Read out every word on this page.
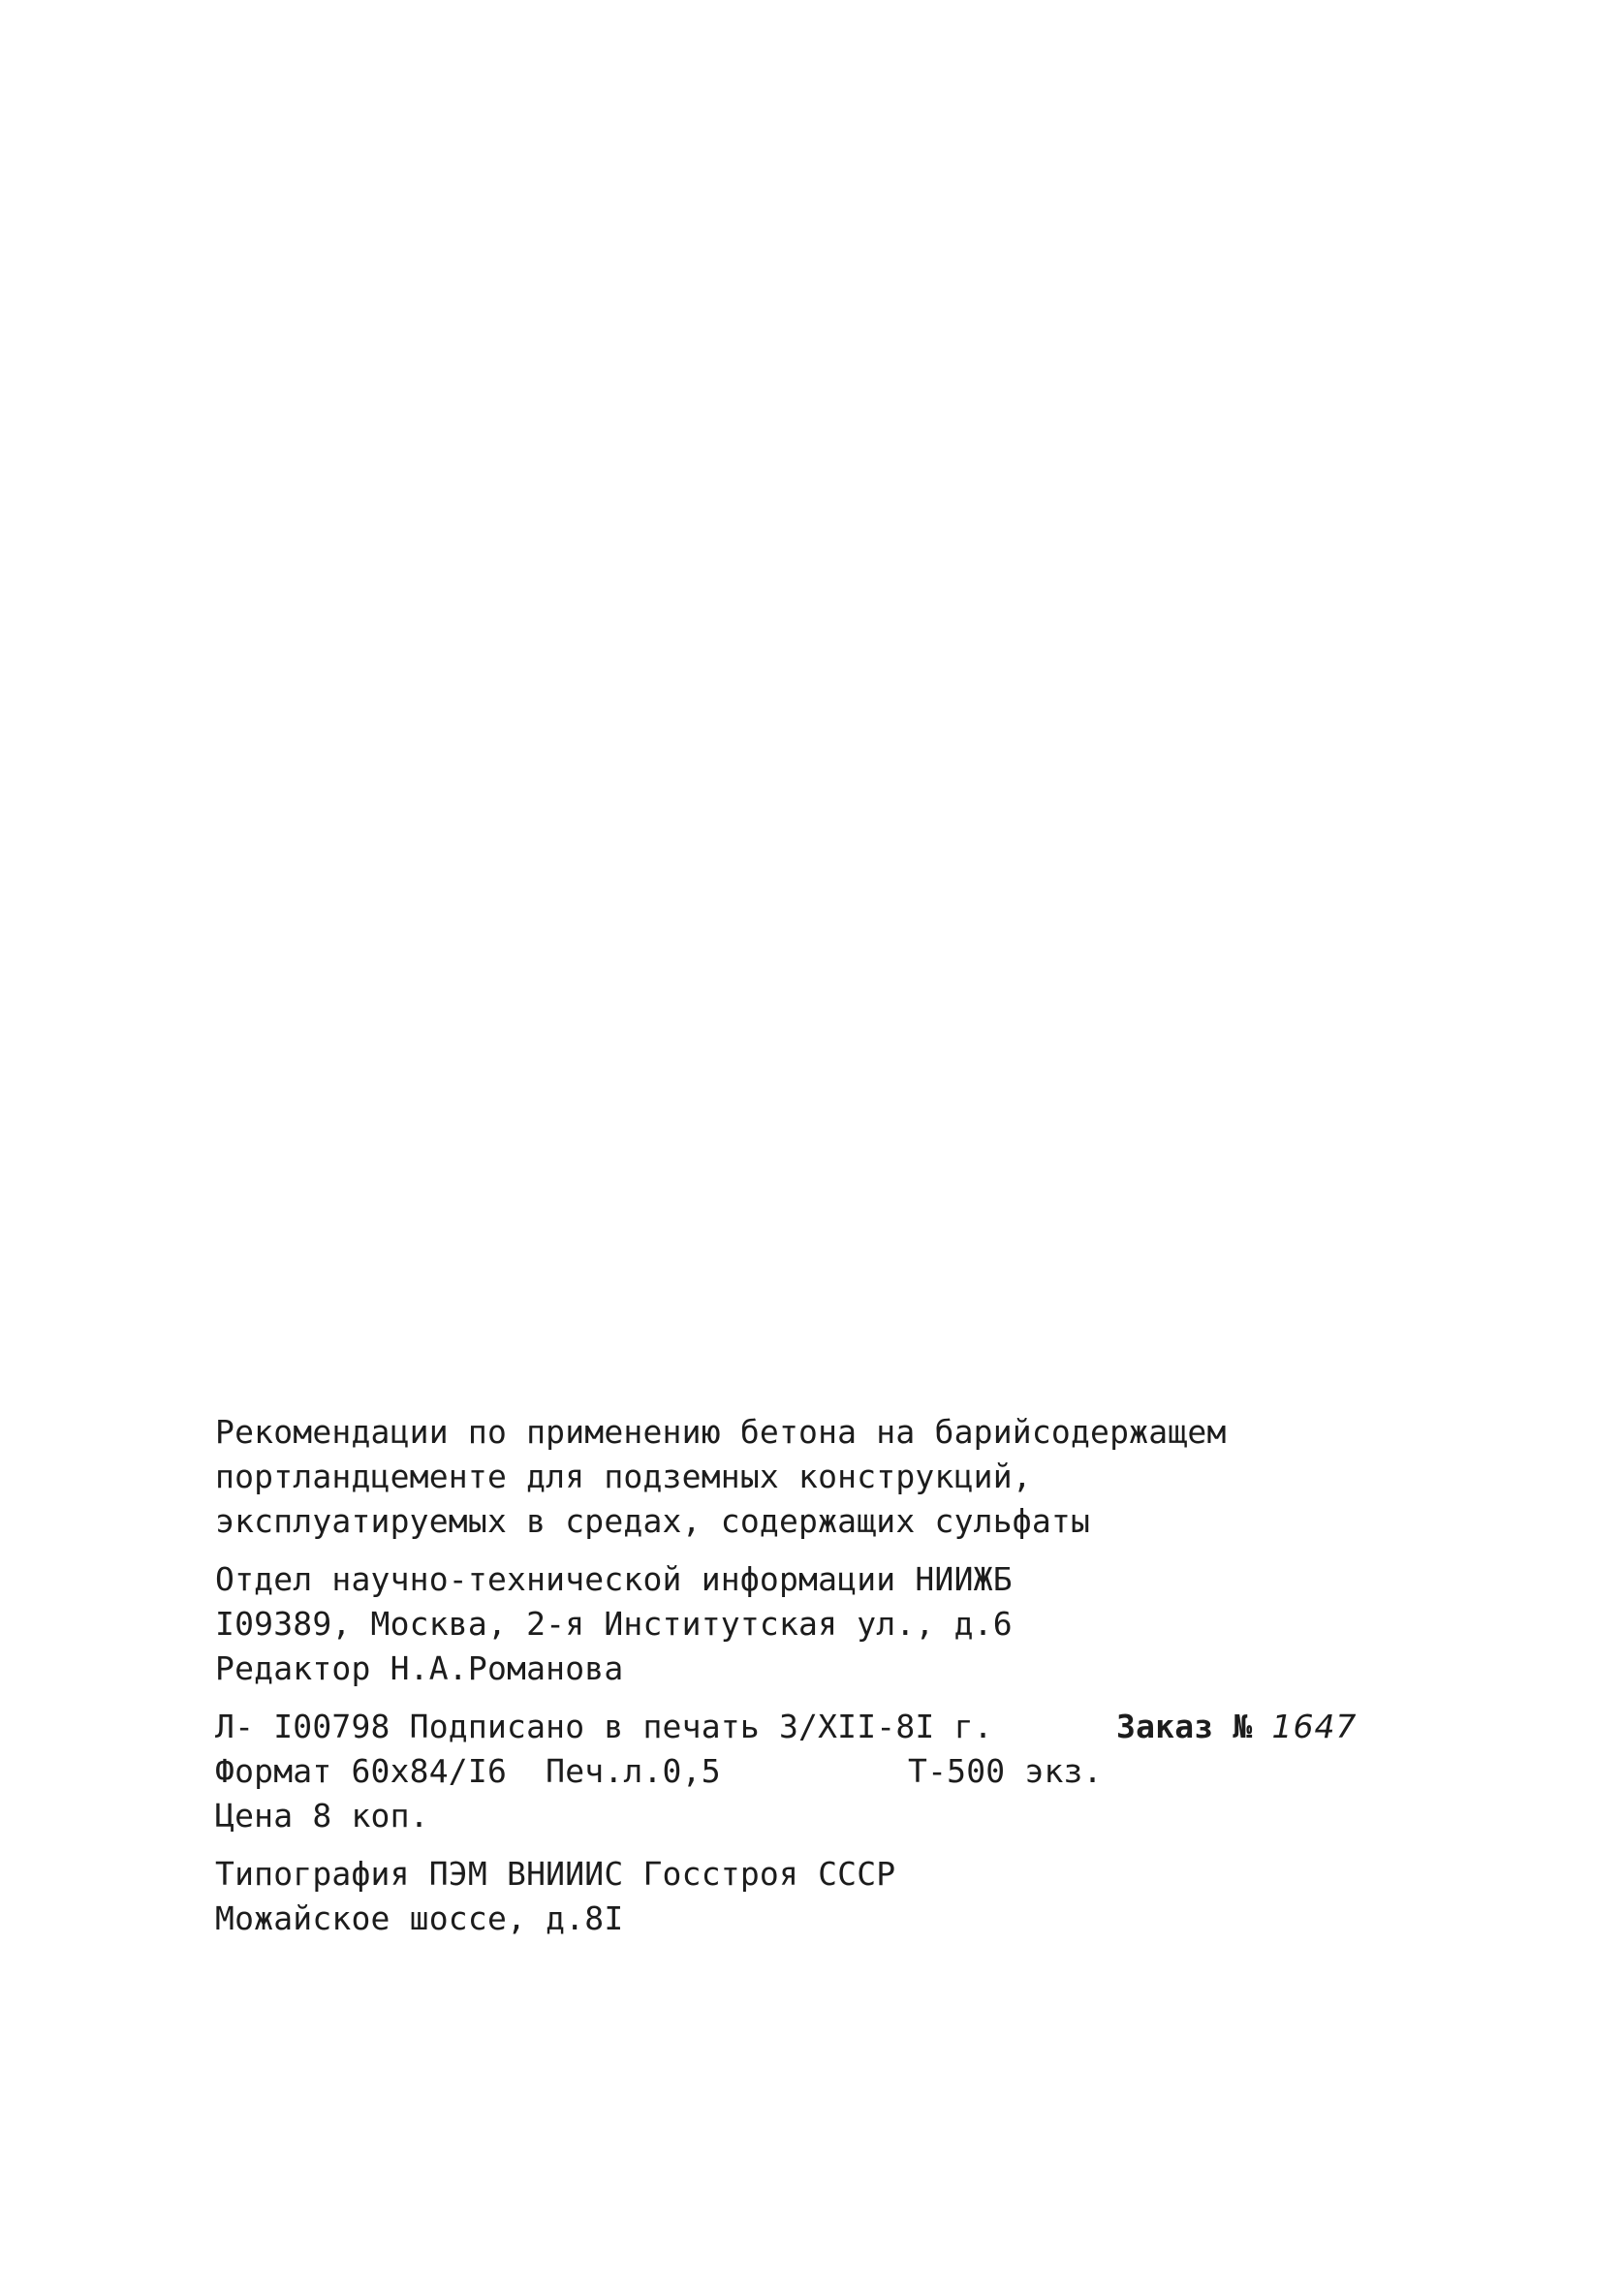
Рекомендации по применению бетона на барийсодержащем
портландцементе для подземных конструкций,
эксплуатируемых в средах, содержащих сульфаты
Отдел научно-технической информации НИИЖБ
I09389, Москва, 2-я Институтская ул., д.6
Редактор Н.А.Романова

Л- I00798 Подписано в печать 3/XII-8I г.

	Заказ № 1647

Формат 60х84/I6  Печ.л.0,5

	Т-500 экз.

Цена 8 коп.
Типография ПЭМ ВНИИИС Госстроя СССР
Можайское шоссе, д.8I
